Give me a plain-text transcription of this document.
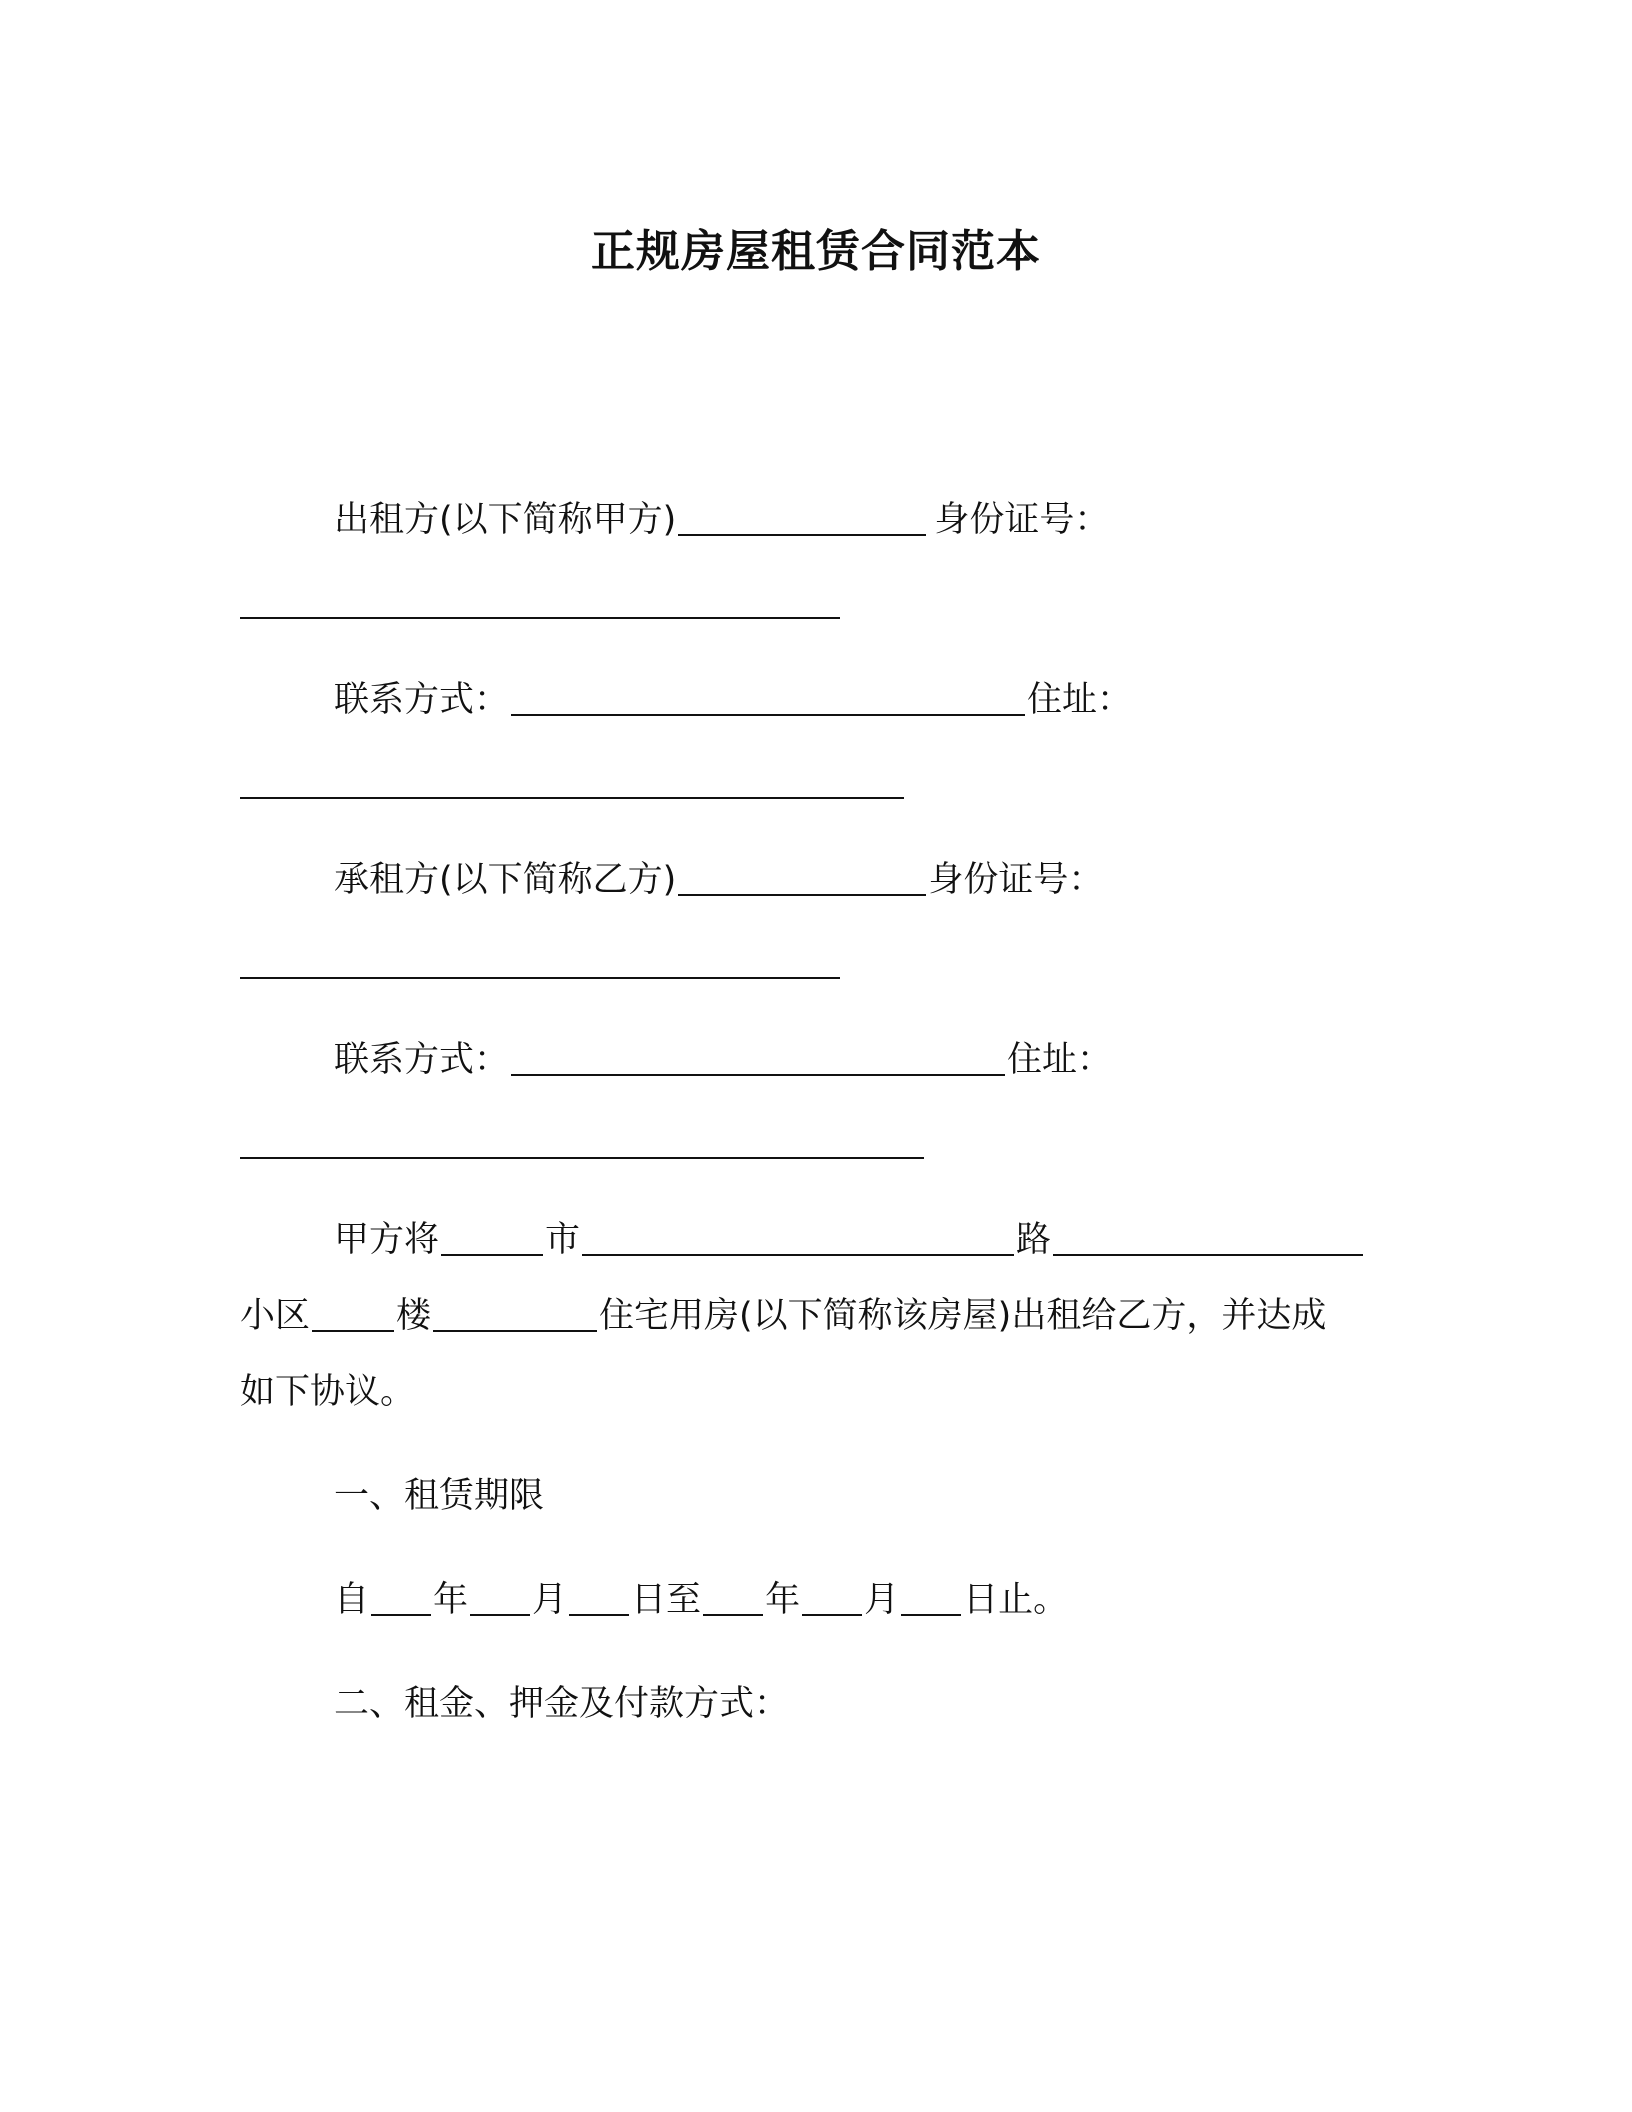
正规房屋租赁合同范本
出租方(以下简称甲方)	身份证号：
联系方式：	住址：
承租方(以下简称乙方)	身份证号：
联系方式：	住址：
甲方将	市	路
小区 楼	住宅用房(以下简称该房屋)出租给乙方，并达成
如下协议。
一、租赁期限
自 年 月 日至 年 月 日止。
二、租金、押金及付款方式：
